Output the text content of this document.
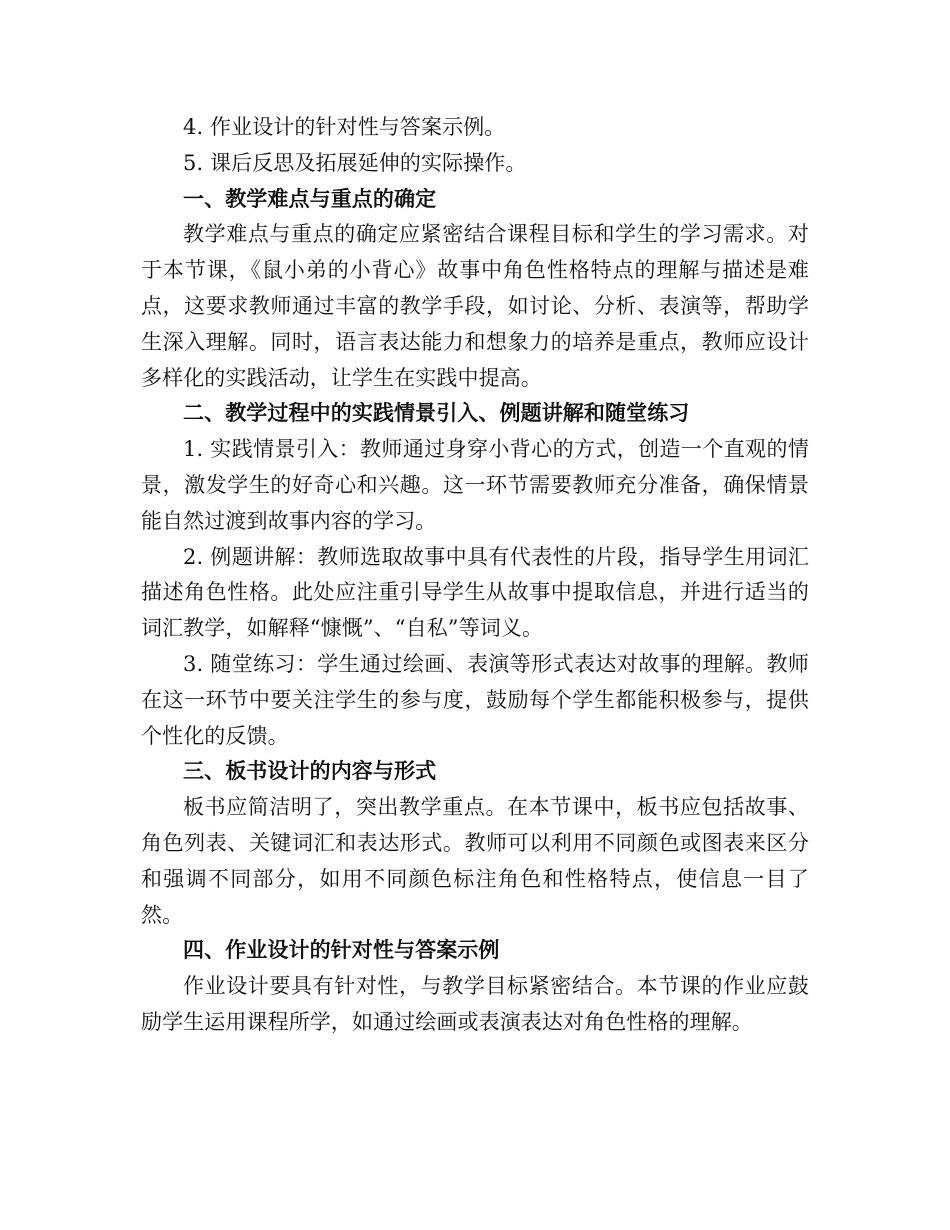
4. 作业设计的针对性与答案示例。

5. 课后反思及拓展延伸的实际操作。

一、教学难点与重点的确定

教学难点与重点的确定应紧密结合课程目标和学生的学习需求。对于本节课，《鼠小弟的小背心》故事中角色性格特点的理解与描述是难点，这要求教师通过丰富的教学手段，如讨论、分析、表演等，帮助学生深入理解。同时，语言表达能力和想象力的培养是重点，教师应设计多样化的实践活动，让学生在实践中提高。

二、教学过程中的实践情景引入、例题讲解和随堂练习

1. 实践情景引入：教师通过身穿小背心的方式，创造一个直观的情景，激发学生的好奇心和兴趣。这一环节需要教师充分准备，确保情景能自然过渡到故事内容的学习。

2. 例题讲解：教师选取故事中具有代表性的片段，指导学生用词汇描述角色性格。此处应注重引导学生从故事中提取信息，并进行适当的词汇教学，如解释“慷慨”、“自私”等词义。

3. 随堂练习：学生通过绘画、表演等形式表达对故事的理解。教师在这一环节中要关注学生的参与度，鼓励每个学生都能积极参与，提供个性化的反馈。

三、板书设计的内容与形式

板书应简洁明了，突出教学重点。在本节课中，板书应包括故事、角色列表、关键词汇和表达形式。教师可以利用不同颜色或图表来区分和强调不同部分，如用不同颜色标注角色和性格特点，使信息一目了然。

四、作业设计的针对性与答案示例

作业设计要具有针对性，与教学目标紧密结合。本节课的作业应鼓励学生运用课程所学，如通过绘画或表演表达对角色性格的理解。
